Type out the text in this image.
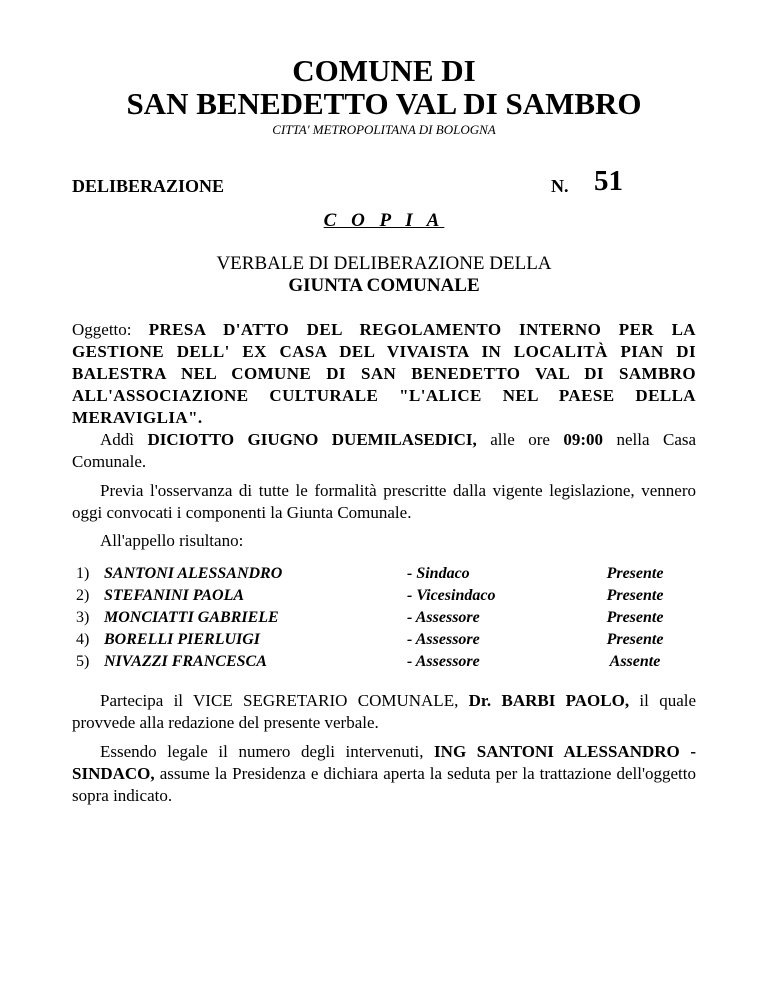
COMUNE DI
SAN BENEDETTO VAL DI SAMBRO
CITTA' METROPOLITANA DI BOLOGNA
DELIBERAZIONE	N. 51
C O P I A
VERBALE DI DELIBERAZIONE DELLA
GIUNTA COMUNALE
Oggetto: PRESA D'ATTO DEL REGOLAMENTO INTERNO PER LA GESTIONE DELL' EX CASA DEL VIVAISTA IN LOCALITÀ PIAN DI BALESTRA NEL COMUNE DI SAN BENEDETTO VAL DI SAMBRO ALL'ASSOCIAZIONE CULTURALE "L'ALICE NEL PAESE DELLA MERAVIGLIA".
Addì DICIOTTO GIUGNO DUEMILASEDICI, alle ore 09:00 nella Casa Comunale.
Previa l'osservanza di tutte le formalità prescritte dalla vigente legislazione, vennero oggi convocati i componenti la Giunta Comunale.
All'appello risultano:
1) SANTONI ALESSANDRO	- Sindaco	Presente
2) STEFANINI PAOLA	- Vicesindaco	Presente
3) MONCIATTI GABRIELE	- Assessore	Presente
4) BORELLI PIERLUIGI	- Assessore	Presente
5) NIVAZZI FRANCESCA	- Assessore	Assente
Partecipa il VICE SEGRETARIO COMUNALE, Dr. BARBI PAOLO, il quale provvede alla redazione del presente verbale.
Essendo legale il numero degli intervenuti, ING SANTONI ALESSANDRO - SINDACO, assume la Presidenza e dichiara aperta la seduta per la trattazione dell'oggetto sopra indicato.
